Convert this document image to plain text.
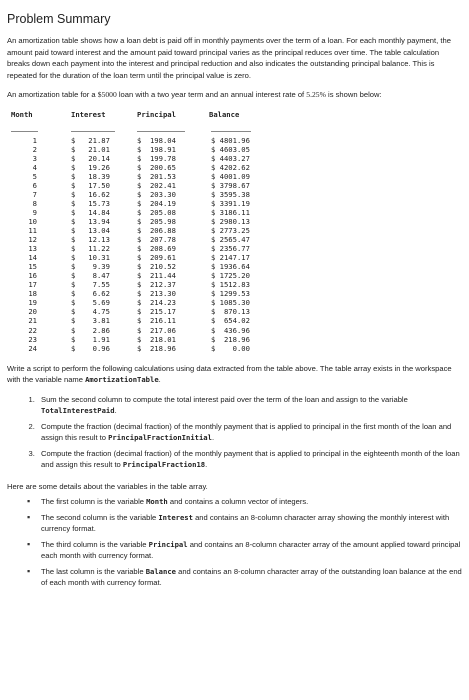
Problem Summary

An amortization table shows how a loan debt is paid off in monthly payments over the term of a loan. For each monthly payment, the amount paid toward interest and the amount paid toward principal varies as the principal reduces over time. The table calculation breaks down each payment into the interest and principal reduction and also indicates the outstanding principal balance. This is repeated for the duration of the loan term until the principal value is zero.

An amortization table for a $5000 loan with a two year term and an annual interest rate of 5.25% is shown below:

Month	Interest	Principal	Balance

1	$   21.87	$  198.04	$ 4801.96
2	$   21.01	$  198.91	$ 4603.05
3	$   20.14	$  199.78	$ 4403.27
4	$   19.26	$  200.65	$ 4202.62
5	$   18.39	$  201.53	$ 4001.09
6	$   17.50	$  202.41	$ 3798.67
7	$   16.62	$  203.30	$ 3595.38
8	$   15.73	$  204.19	$ 3391.19
9	$   14.84	$  205.08	$ 3186.11
10	$   13.94	$  205.98	$ 2980.13
11	$   13.04	$  206.88	$ 2773.25
12	$   12.13	$  207.78	$ 2565.47
13	$   11.22	$  208.69	$ 2356.77
14	$   10.31	$  209.61	$ 2147.17
15	$    9.39	$  210.52	$ 1936.64
16	$    8.47	$  211.44	$ 1725.20
17	$    7.55	$  212.37	$ 1512.83
18	$    6.62	$  213.30	$ 1299.53
19	$    5.69	$  214.23	$ 1085.30
20	$    4.75	$  215.17	$  870.13
21	$    3.81	$  216.11	$  654.02
22	$    2.86	$  217.06	$  436.96
23	$    1.91	$  218.01	$  218.96
24	$    0.96	$  218.96	$    0.00

Write a script to perform the following calculations using data extracted from the table above. The table array exists in the workspace with the variable name AmortizationTable.

1. Sum the second column to compute the total interest paid over the term of the loan and assign to the variable TotalInterestPaid.
2. Compute the fraction (decimal fraction) of the monthly payment that is applied to principal in the first month of the loan and assign this result to PrincipalFractionInitial.
3. Compute the fraction (decimal fraction) of the monthly payment that is applied to principal in the eighteenth month of the loan and assign this result to PrincipalFraction18.

Here are some details about the variables in the table array.

▪ The first column is the variable Month and contains a column vector of integers.
▪ The second column is the variable Interest and contains an 8-column character array showing the monthly interest with currency format.
▪ The third column is the variable Principal and contains an 8-column character array of the amount applied toward principal each month with currency format.
▪ The last column is the variable Balance and contains an 8-column character array of the outstanding loan balance at the end of each month with currency format.
